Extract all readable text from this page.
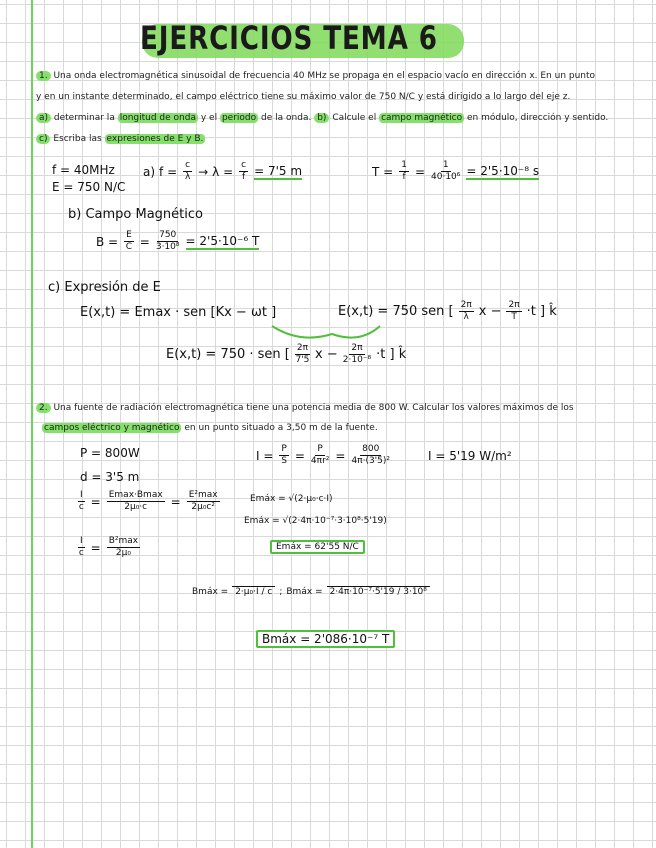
EJERCICIOS TEMA 6
1. Una onda electromagnética sinusoidal de frecuencia 40 MHz se propaga en el espacio vacío en dirección x. En un punto
y en un instante determinado, el campo eléctrico tiene su máximo valor de 750 N/C y está dirigido a lo largo del eje z.
a) determinar la longitud de onda y el periodo de la onda. b) Calcule el campo magnético en módulo, dirección y sentido.
c) Escriba las expresiones de E y B.
f = 40MHz
E = 750 N/C
a) $f = \frac{c}{\lambda} \to \lambda = \frac{c}{f} = 7'5$ m	$T = \frac{1}{f} = \frac{1}{\text{40·10⁶}} = 2'5\cdot 10^{-8}$ s
b) Campo Magnético
$B = \frac{E}{C} = \frac{750}{\text{3·10⁸}} = 2'5\cdot 10^{-6}$ T
c) Expresión de E
E(x,t) = Emax · sen [Kx − ωt ]	E(x,t) = 750 sen [ $\frac{2\pi}{\lambda}$ $x - \frac{2\pi}{T} \cdot t$ ] k̂
E(x,t) = 750 · sen [ $\frac{2\pi}{7'5}$ $x - \frac{2\pi}{\text{2·10⁻⁸}} \cdot t$ ] k̂
2. Una fuente de radiación electromagnética tiene una potencia media de 800 W. Calcular los valores máximos de los
campos eléctrico y magnético en un punto situado a 3,50 m de la fuente.
P = 800W
d = 3'5 m
$I = \frac{P}{S} = \frac{P}{\text{4πr²}} = \frac{800}{\text{4π·(3'5)²}}$	I = 5'19 W/m²
$\frac{I}{c} = \frac{Emax\cdot Bmax}{\text{2μ₀·c}} = \frac{\text{E²max}}{\text{2μ₀c²}}$
$\frac{I}{c} = \frac{\text{B²max}}{\text{2μ₀}}$
Emáx = √(2·μ₀·c·I)
Emáx = √(2·4π·10⁻⁷·3·10⁸·5'19)
Emáx = 62'55 N/C
Bmáx = 2·μ₀·I / c ; Bmáx = 2·4π·10⁻⁷·5'19 / 3·10⁸
Bmáx = 2'086·10⁻⁷ T
